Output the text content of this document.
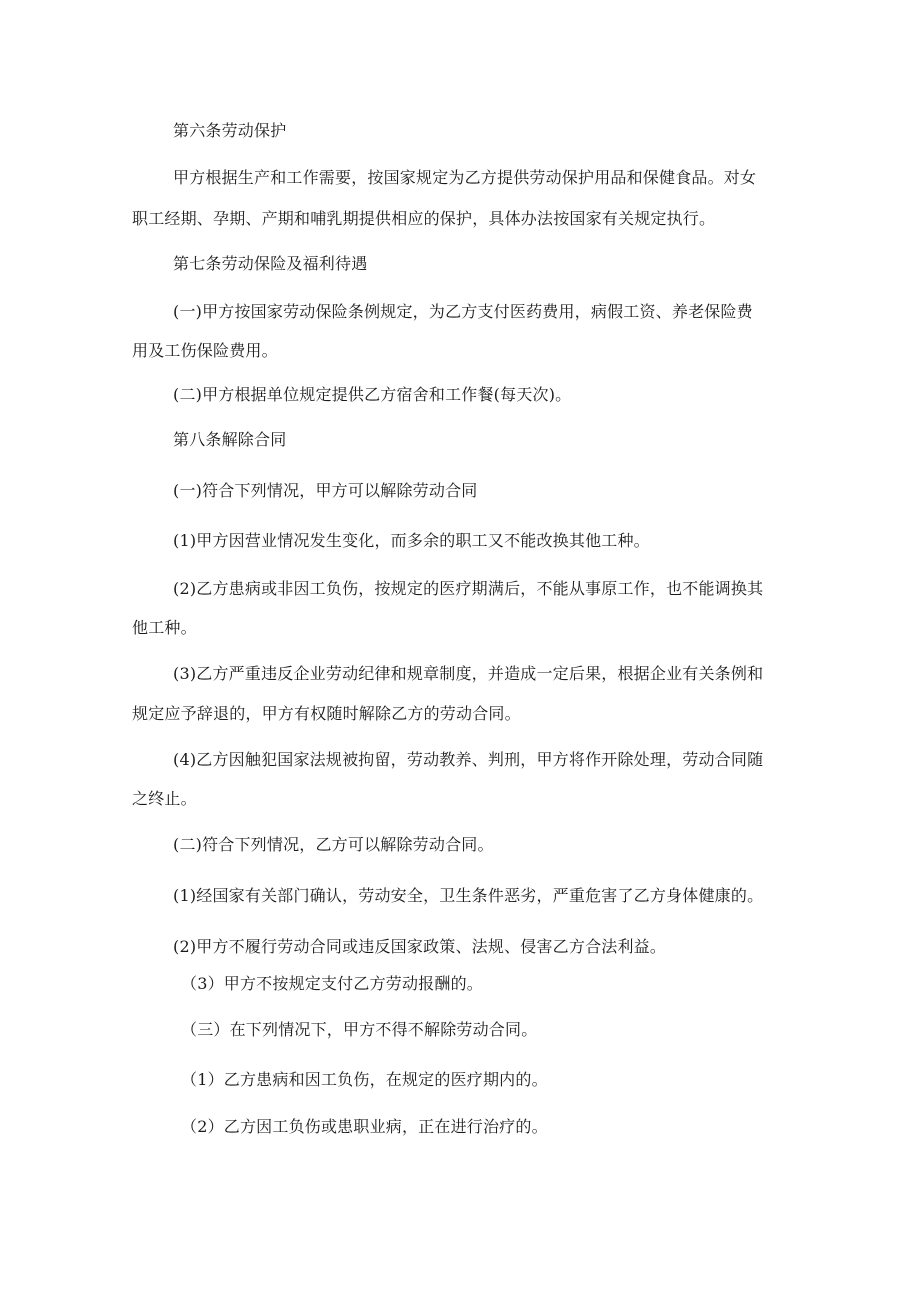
第六条劳动保护
甲方根据生产和工作需要，按国家规定为乙方提供劳动保护用品和保健食品。对女
职工经期、孕期、产期和哺乳期提供相应的保护，具体办法按国家有关规定执行。
第七条劳动保险及福利待遇
(一)甲方按国家劳动保险条例规定，为乙方支付医药费用，病假工资、养老保险费
用及工伤保险费用。
(二)甲方根据单位规定提供乙方宿舍和工作餐(每天次)。
第八条解除合同
(一)符合下列情况，甲方可以解除劳动合同
(1)甲方因营业情况发生变化，而多余的职工又不能改换其他工种。
(2)乙方患病或非因工负伤，按规定的医疗期满后，不能从事原工作，也不能调换其
他工种。
(3)乙方严重违反企业劳动纪律和规章制度，并造成一定后果，根据企业有关条例和
规定应予辞退的，甲方有权随时解除乙方的劳动合同。
(4)乙方因触犯国家法规被拘留，劳动教养、判刑，甲方将作开除处理，劳动合同随
之终止。
(二)符合下列情况，乙方可以解除劳动合同。
(1)经国家有关部门确认，劳动安全，卫生条件恶劣，严重危害了乙方身体健康的。
(2)甲方不履行劳动合同或违反国家政策、法规、侵害乙方合法利益。
（3）甲方不按规定支付乙方劳动报酬的。
（三）在下列情况下，甲方不得不解除劳动合同。
（1）乙方患病和因工负伤，在规定的医疗期内的。
（2）乙方因工负伤或患职业病，正在进行治疗的。
